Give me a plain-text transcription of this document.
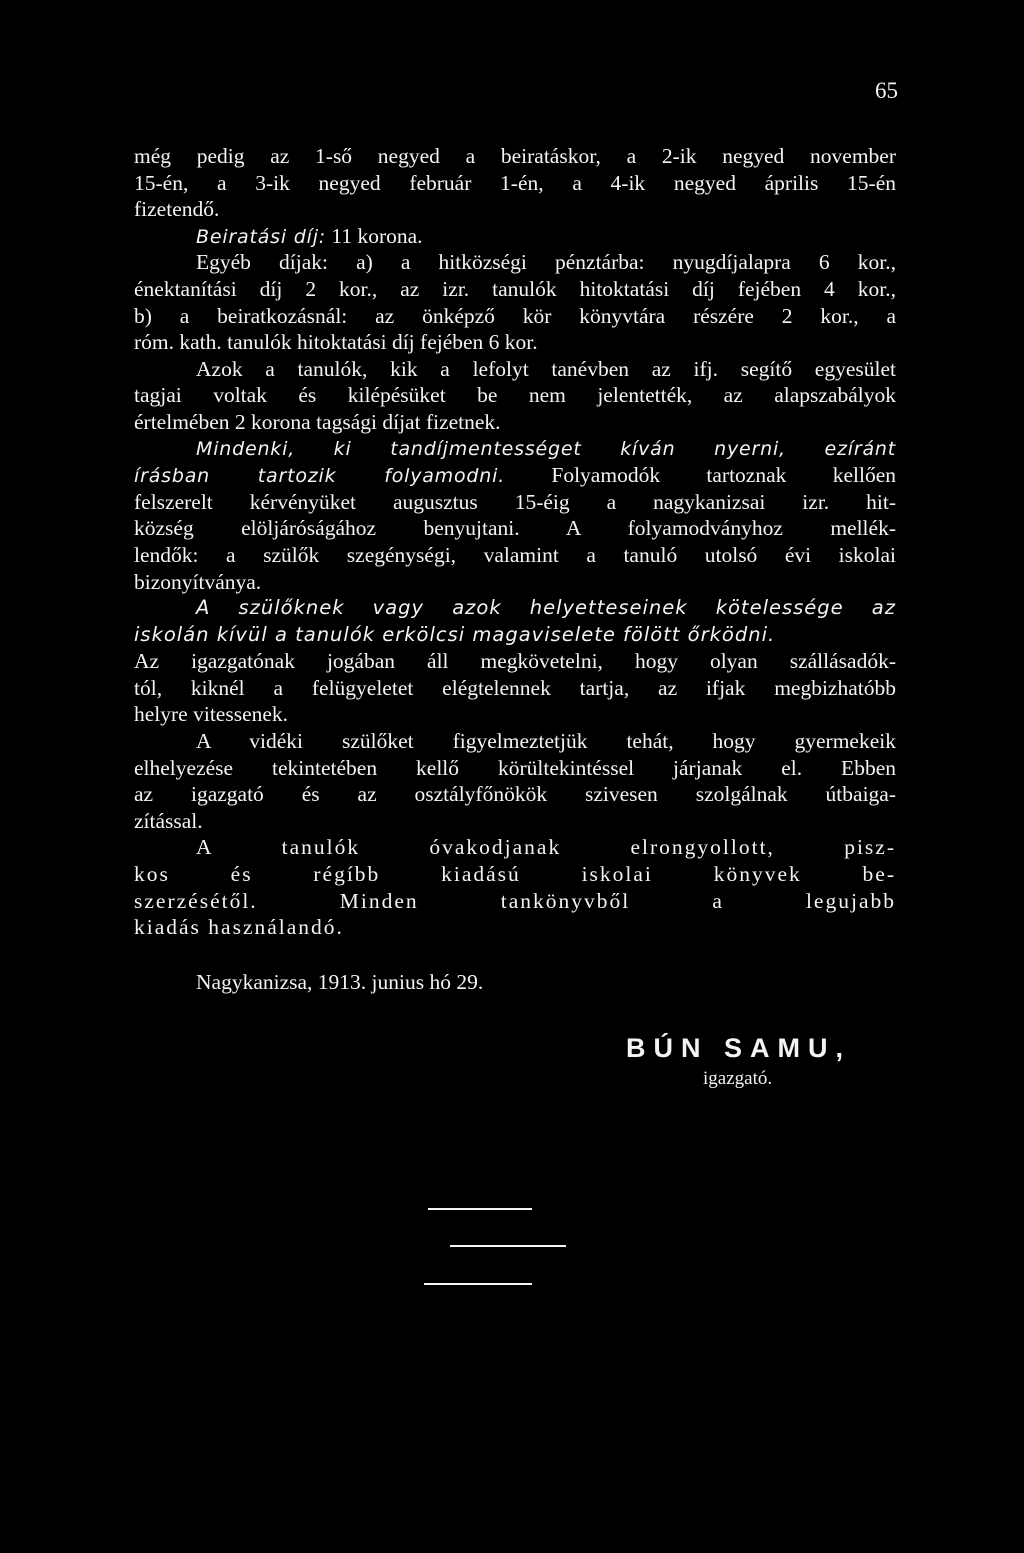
65
még pedig az 1-ső negyed a beiratáskor, a 2-ik negyed november
15-én, a 3-ik negyed február 1-én, a 4-ik negyed április 15-én
fizetendő.
Beiratási díj: 11 korona.
Egyéb díjak: a) a hitközségi pénztárba: nyugdíjalapra 6 kor.,
énektanítási díj 2 kor., az izr. tanulók hitoktatási díj fejében 4 kor.,
b) a beiratkozásnál: az önképző kör könyvtára részére 2 kor., a
róm. kath. tanulók hitoktatási díj fejében 6 kor.
Azok a tanulók, kik a lefolyt tanévben az ifj. segítő egyesület
tagjai voltak és kilépésüket be nem jelentették, az alapszabályok
értelmében 2 korona tagsági díjat fizetnek.
Mindenki, ki tandíjmentességet kíván nyerni, ezíránt
írásban tartozik folyamodni. Folyamodók tartoznak kellően
felszerelt kérvényüket augusztus 15-éig a nagykanizsai izr. hit-
község elöljáróságához benyujtani. A folyamodványhoz mellék-
lendők: a szülők szegénységi, valamint a tanuló utolsó évi iskolai
bizonyítványa.
A szülőknek vagy azok helyetteseinek kötelessége az
iskolán kívül a tanulók erkölcsi magaviselete fölött őrködni.
Az igazgatónak jogában áll megkövetelni, hogy olyan szállásadók-
tól, kiknél a felügyeletet elégtelennek tartja, az ifjak megbizhatóbb
helyre vitessenek.
A vidéki szülőket figyelmeztetjük tehát, hogy gyermekeik
elhelyezése tekintetében kellő körültekintéssel járjanak el. Ebben
az igazgató és az osztályfőnökök szivesen szolgálnak útbaiga-
zítással.
A tanulók óvakodjanak elrongyollott, pisz-
kos és régíbb kiadású iskolai könyvek be-
szerzésétől. Minden tankönyvből a legujabb
kiadás használandó.
Nagykanizsa, 1913. junius hó 29.
BÚN SAMU,
igazgató.
